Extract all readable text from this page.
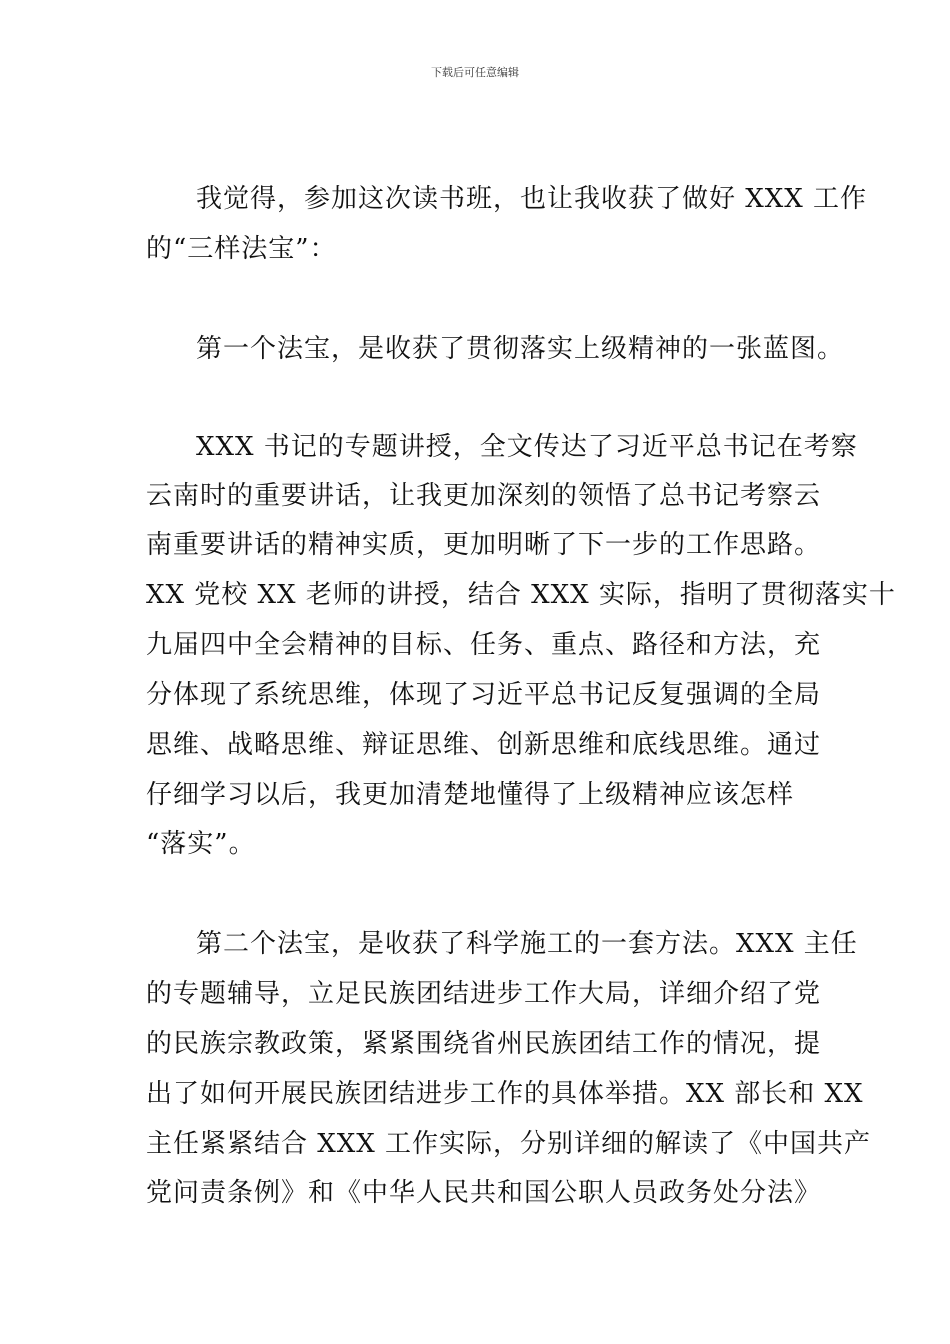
下载后可任意编辑
我觉得，参加这次读书班，也让我收获了做好 XXX 工作
的“三样法宝”：
第一个法宝，是收获了贯彻落实上级精神的一张蓝图。
XXX 书记的专题讲授，全文传达了习近平总书记在考察
云南时的重要讲话，让我更加深刻的领悟了总书记考察云
南重要讲话的精神实质，更加明晰了下一步的工作思路。
XX 党校 XX 老师的讲授，结合 XXX 实际，指明了贯彻落实十
九届四中全会精神的目标、任务、重点、路径和方法，充
分体现了系统思维，体现了习近平总书记反复强调的全局
思维、战略思维、辩证思维、创新思维和底线思维。通过
仔细学习以后，我更加清楚地懂得了上级精神应该怎样
“落实”。
第二个法宝，是收获了科学施工的一套方法。XXX 主任
的专题辅导，立足民族团结进步工作大局，详细介绍了党
的民族宗教政策，紧紧围绕省州民族团结工作的情况，提
出了如何开展民族团结进步工作的具体举措。XX 部长和 XX
主任紧紧结合 XXX 工作实际，分别详细的解读了《中国共产
党问责条例》和《中华人民共和国公职人员政务处分法》
